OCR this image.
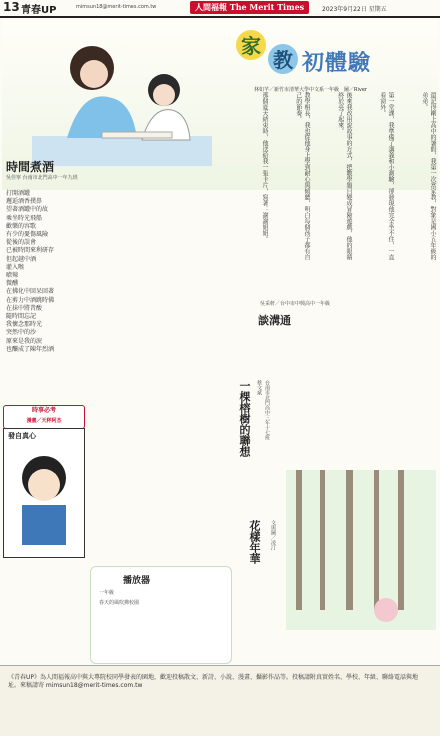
13 青春UP	mimsun18@merit-times.com.tw	人間福報 The Merit Times	2023年9月22日 星期五
家
教 初體驗
林如芊／新竹市清華大學中文系一年級　圖／River
還記得剛上高中的暑假，我第一次當家教，對象是國小五年級的弟弟。
第一堂課，我準備了講義和小測驗，卻發現他完全坐不住，一直看窗外。
後來我改用說故事的方式，把數學題目變成冒險遊戲，他的眼睛終於亮了起來。
教學相長，我也從他身上學到耐心與傾聽，明白每個孩子都有自己的節奏。
那個夏天結束時，他送給我一張卡片，寫著：謝謝姐姐。
時間煮酒
吳佳寧 台南市北門高中一年九班

打開酒罐

邂逅酒香撲鼻

望著酒罐中的故

乘坐時光飛船

歡樂的容歌

有少的憂傷風險

從後的誤會

已被時間來利研存

但起越中酒

灌入喉

嗆辣

微醺

在拂化中回呆回著

在剪力中酒跳時佛

在抹中將昔酸

隨時間忘記

我懷念那時光

突然中的沙

原來是我的淚

也釀成了陳年烈酒

時事必考
漫畫／天秤阿杰
發自真心	一棵榕樹的聯想 蔡文斌 台南市北門高中三年十七班
談溝通
吳采軒／台中市中興高中一年級
花樣年華 文與圖／凌汀
播放器
一年級
春天的風吹拂校園
《青春UP》為人間福報高中與大專院校同學發表的園地，歡迎投稿散文、新詩、小說、漫畫、攝影作品等。投稿請附真實姓名、學校、年級、聯絡電話與地址。來稿請寄 mimsun18@merit-times.com.tw
